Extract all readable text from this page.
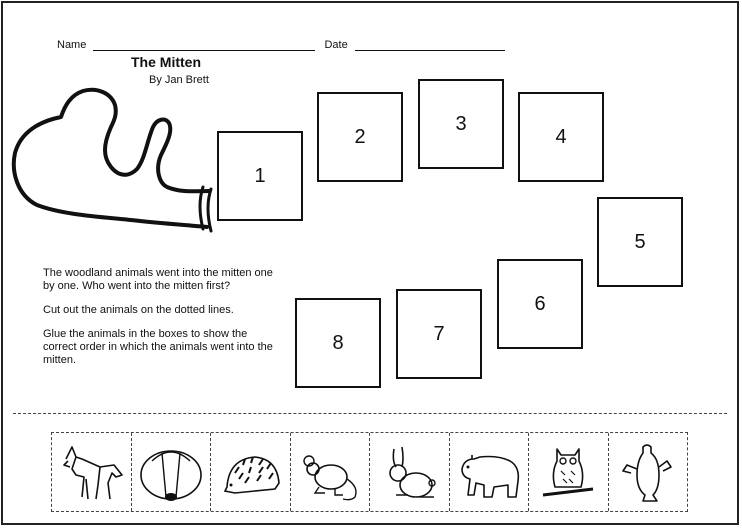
Name	Date
The Mitten
By Jan Brett
1
2
3
4
5
6
7
8

The woodland animals went into the mitten one by one. Who went into the mitten first?

Cut out the animals on the dotted lines.

Glue the animals in the boxes to show the correct order in which the animals went into the mitten.
